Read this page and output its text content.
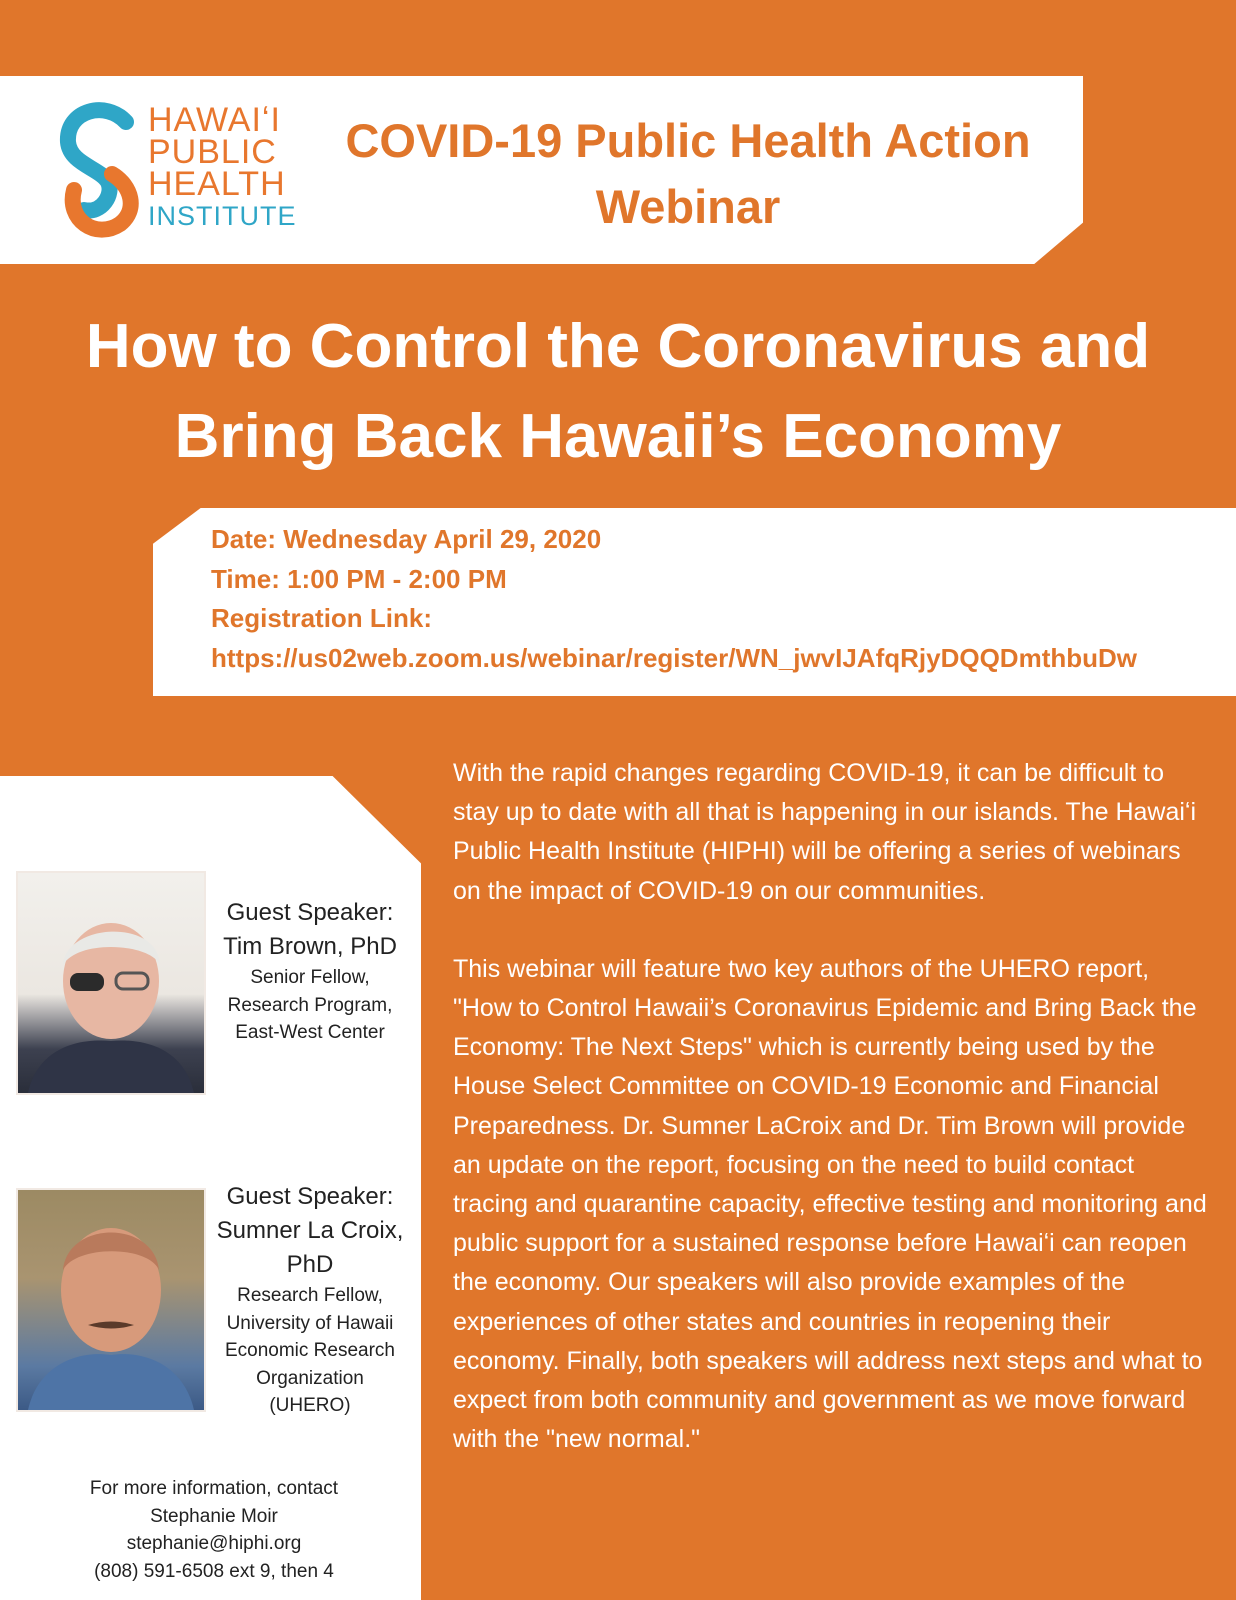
HAWAIʻI
PUBLIC
HEALTH
INSTITUTE
COVID-19 Public Health Action
Webinar
How to Control the Coronavirus and
Bring Back Hawaii’s Economy
Date: Wednesday April 29, 2020
Time: 1:00 PM - 2:00 PM
Registration Link:
https://us02web.zoom.us/webinar/register/WN_jwvIJAfqRjyDQQDmthbuDw
Guest Speaker:
Tim Brown, PhD
Senior Fellow,
Research Program,
East-West Center
Guest Speaker:
Sumner La Croix,
PhD
Research Fellow,
University of Hawaii
Economic Research
Organization
(UHERO)
For more information, contact
Stephanie Moir
stephanie@hiphi.org
(808) 591-6508 ext 9, then 4

With the rapid changes regarding COVID-19, it can be difficult to stay up to date with all that is happening in our islands. The Hawaiʻi Public Health Institute (HIPHI) will be offering a series of webinars on the impact of COVID-19 on our communities.

This webinar will feature two key authors of the UHERO report, "How to Control Hawaii’s Coronavirus Epidemic and Bring Back the Economy: The Next Steps" which is currently being used by the House Select Committee on COVID-19 Economic and Financial Preparedness. Dr. Sumner LaCroix and Dr. Tim Brown will provide an update on the report, focusing on the need to build contact tracing and quarantine capacity, effective testing and monitoring and public support for a sustained response before Hawaiʻi can reopen the economy. Our speakers will also provide examples of the experiences of other states and countries in reopening their economy. Finally, both speakers will address next steps and what to expect from both community and government as we move forward with the "new normal."
